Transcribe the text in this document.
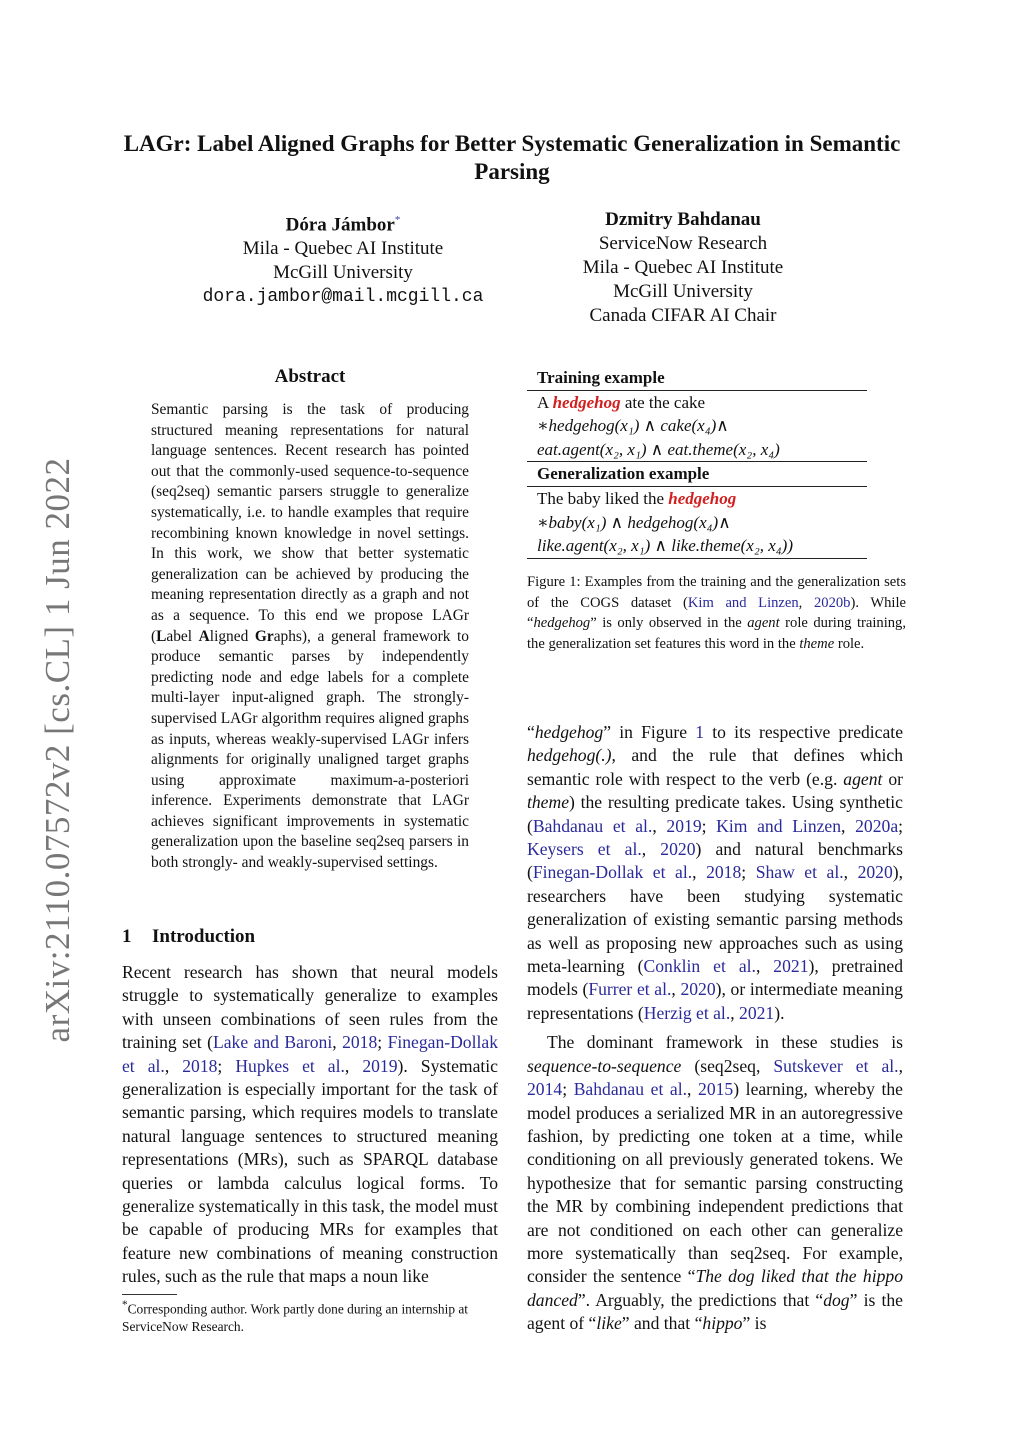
LAGr: Label Aligned Graphs for Better Systematic Generalization in Semantic Parsing
Dóra Jámbor*
Mila - Quebec AI Institute
McGill University
dora.jambor@mail.mcgill.ca
Dzmitry Bahdanau
ServiceNow Research
Mila - Quebec AI Institute
McGill University
Canada CIFAR AI Chair
arXiv:2110.07572v2 [cs.CL] 1 Jun 2022
Abstract
Semantic parsing is the task of producing structured meaning representations for natural language sentences. Recent research has pointed out that the commonly-used sequence-to-sequence (seq2seq) semantic parsers struggle to generalize systematically, i.e. to handle examples that require recombining known knowledge in novel settings. In this work, we show that better systematic generalization can be achieved by producing the meaning representation directly as a graph and not as a sequence. To this end we propose LAGr (Label Aligned Graphs), a general framework to produce semantic parses by independently predicting node and edge labels for a complete multi-layer input-aligned graph. The strongly-supervised LAGr algorithm requires aligned graphs as inputs, whereas weakly-supervised LAGr infers alignments for originally unaligned target graphs using approximate maximum-a-posteriori inference. Experiments demonstrate that LAGr achieves significant improvements in systematic generalization upon the baseline seq2seq parsers in both strongly- and weakly-supervised settings.
1 Introduction

Recent research has shown that neural models struggle to systematically generalize to examples with unseen combinations of seen rules from the training set (Lake and Baroni, 2018; Finegan-Dollak et al., 2018; Hupkes et al., 2019). Systematic generalization is especially important for the task of semantic parsing, which requires models to translate natural language sentences to structured meaning representations (MRs), such as SPARQL database queries or lambda calculus logical forms. To generalize systematically in this task, the model must be capable of producing MRs for examples that feature new combinations of meaning construction rules, such as the rule that maps a noun like

*Corresponding author. Work partly done during an internship at ServiceNow Research.
Training example
A hedgehog ate the cake
∗hedgehog(x₁) ∧ cake(x₄)∧
eat.agent(x₂, x₁) ∧ eat.theme(x₂, x₄)
Generalization example
The baby liked the hedgehog
∗baby(x₁) ∧ hedgehog(x₄)∧
like.agent(x₂, x₁) ∧ like.theme(x₂, x₄))
Figure 1: Examples from the training and the generalization sets of the COGS dataset (Kim and Linzen, 2020b). While “hedgehog” is only observed in the agent role during training, the generalization set features this word in the theme role.

“hedgehog” in Figure 1 to its respective predicate hedgehog(.), and the rule that defines which semantic role with respect to the verb (e.g. agent or theme) the resulting predicate takes. Using synthetic (Bahdanau et al., 2019; Kim and Linzen, 2020a; Keysers et al., 2020) and natural benchmarks (Finegan-Dollak et al., 2018; Shaw et al., 2020), researchers have been studying systematic generalization of existing semantic parsing methods as well as proposing new approaches such as using meta-learning (Conklin et al., 2021), pretrained models (Furrer et al., 2020), or intermediate meaning representations (Herzig et al., 2021).

The dominant framework in these studies is sequence-to-sequence (seq2seq, Sutskever et al., 2014; Bahdanau et al., 2015) learning, whereby the model produces a serialized MR in an autoregressive fashion, by predicting one token at a time, while conditioning on all previously generated tokens. We hypothesize that for semantic parsing constructing the MR by combining independent predictions that are not conditioned on each other can generalize more systematically than seq2seq. For example, consider the sentence “The dog liked that the hippo danced”. Arguably, the predictions that “dog” is the agent of “like” and that “hippo” is
